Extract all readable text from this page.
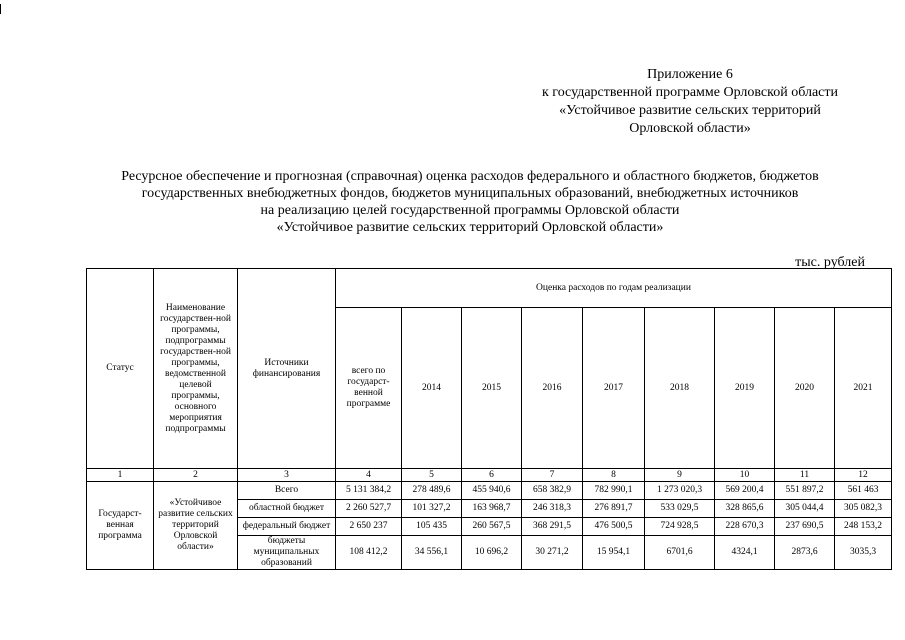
Приложение 6
к государственной программе Орловской области
«Устойчивое развитие сельских территорий
Орловской области»
Ресурсное обеспечение и прогнозная (справочная) оценка расходов федерального и областного бюджетов, бюджетов
государственных внебюджетных фондов, бюджетов муниципальных образований, внебюджетных источников
на реализацию целей государственной программы Орловской области
«Устойчивое развитие сельских территорий Орловской области»
тыс. рублей
Статус	Наименование государствен-ной программы, подпрограммы государствен-ной программы, ведомственной целевой программы, основного мероприятия подпрограммы	Источники финансирования	Оценка расходов по годам реализации								
			всего по государст-венной программе	2014	2015	2016	2017	2018	2019	2020	2021
1	2	3	4	5	6	7	8	9	10	11	12
Государст-венная программа	«Устойчивое развитие сельских территорий Орловской области»	Всего	5 131 384,2	278 489,6	455 940,6	658 382,9	782 990,1	1 273 020,3	569 200,4	551 897,2	561 463
		областной бюджет	2 260 527,7	101 327,2	163 968,7	246 318,3	276 891,7	533 029,5	328 865,6	305 044,4	305 082,3
		федеральный бюджет	2 650 237	105 435	260 567,5	368 291,5	476 500,5	724 928,5	228 670,3	237 690,5	248 153,2
		бюджеты муниципальных образований	108 412,2	34 556,1	10 696,2	30 271,2	15 954,1	6701,6	4324,1	2873,6	3035,3
